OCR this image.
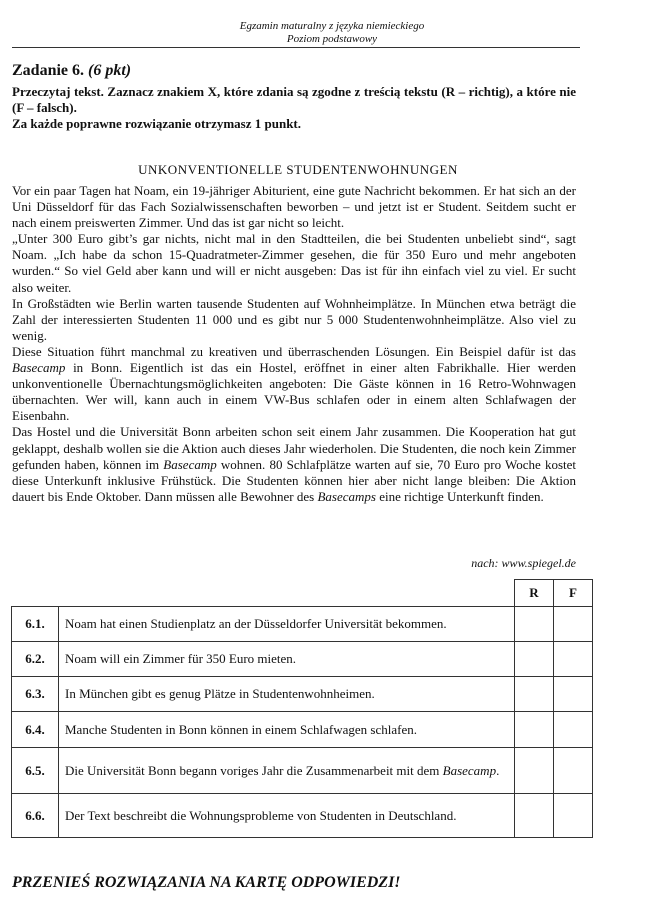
Egzamin maturalny z języka niemieckiego
Poziom podstawowy
Zadanie 6. (6 pkt)
Przeczytaj tekst. Zaznacz znakiem X, które zdania są zgodne z treścią tekstu (R – richtig), a które nie (F – falsch).
Za każde poprawne rozwiązanie otrzymasz 1 punkt.
UNKONVENTIONELLE STUDENTENWOHNUNGEN

Vor ein paar Tagen hat Noam, ein 19-jähriger Abiturient, eine gute Nachricht bekommen. Er hat sich an der Uni Düsseldorf für das Fach Sozialwissenschaften beworben – und jetzt ist er Student. Seitdem sucht er nach einem preiswerten Zimmer. Und das ist gar nicht so leicht.

„Unter 300 Euro gibt’s gar nichts, nicht mal in den Stadtteilen, die bei Studenten unbeliebt sind“, sagt Noam. „Ich habe da schon 15-Quadratmeter-Zimmer gesehen, die für 350 Euro und mehr angeboten wurden.“ So viel Geld aber kann und will er nicht ausgeben: Das ist für ihn einfach viel zu viel. Er sucht also weiter.

In Großstädten wie Berlin warten tausende Studenten auf Wohnheimplätze. In München etwa beträgt die Zahl der interessierten Studenten 11 000 und es gibt nur 5 000 Studentenwohnheimplätze. Also viel zu wenig.

Diese Situation führt manchmal zu kreativen und überraschenden Lösungen. Ein Beispiel dafür ist das Basecamp in Bonn. Eigentlich ist das ein Hostel, eröffnet in einer alten Fabrikhalle. Hier werden unkonventionelle Übernachtungsmöglichkeiten angeboten: Die Gäste können in 16 Retro-Wohnwagen übernachten. Wer will, kann auch in einem VW-Bus schlafen oder in einem alten Schlafwagen der Eisenbahn.

Das Hostel und die Universität Bonn arbeiten schon seit einem Jahr zusammen. Die Kooperation hat gut geklappt, deshalb wollen sie die Aktion auch dieses Jahr wiederholen. Die Studenten, die noch kein Zimmer gefunden haben, können im Basecamp wohnen. 80 Schlafplätze warten auf sie, 70 Euro pro Woche kostet diese Unterkunft inklusive Frühstück. Die Studenten können hier aber nicht lange bleiben: Die Aktion dauert bis Ende Oktober. Dann müssen alle Bewohner des Basecamps eine richtige Unterkunft finden.

nach: www.spiegel.de
		R	F
6.1.	Noam hat einen Studienplatz an der Düsseldorfer Universität bekommen.		
6.2.	Noam will ein Zimmer für 350 Euro mieten.		
6.3.	In München gibt es genug Plätze in Studentenwohnheimen.		
6.4.	Manche Studenten in Bonn können in einem Schlafwagen schlafen.		
6.5.	Die Universität Bonn begann voriges Jahr die Zusammenarbeit mit dem Basecamp.		
6.6.	Der Text beschreibt die Wohnungsprobleme von Studenten in Deutschland.		
PRZENIEŚ ROZWIĄZANIA NA KARTĘ ODPOWIEDZI!
